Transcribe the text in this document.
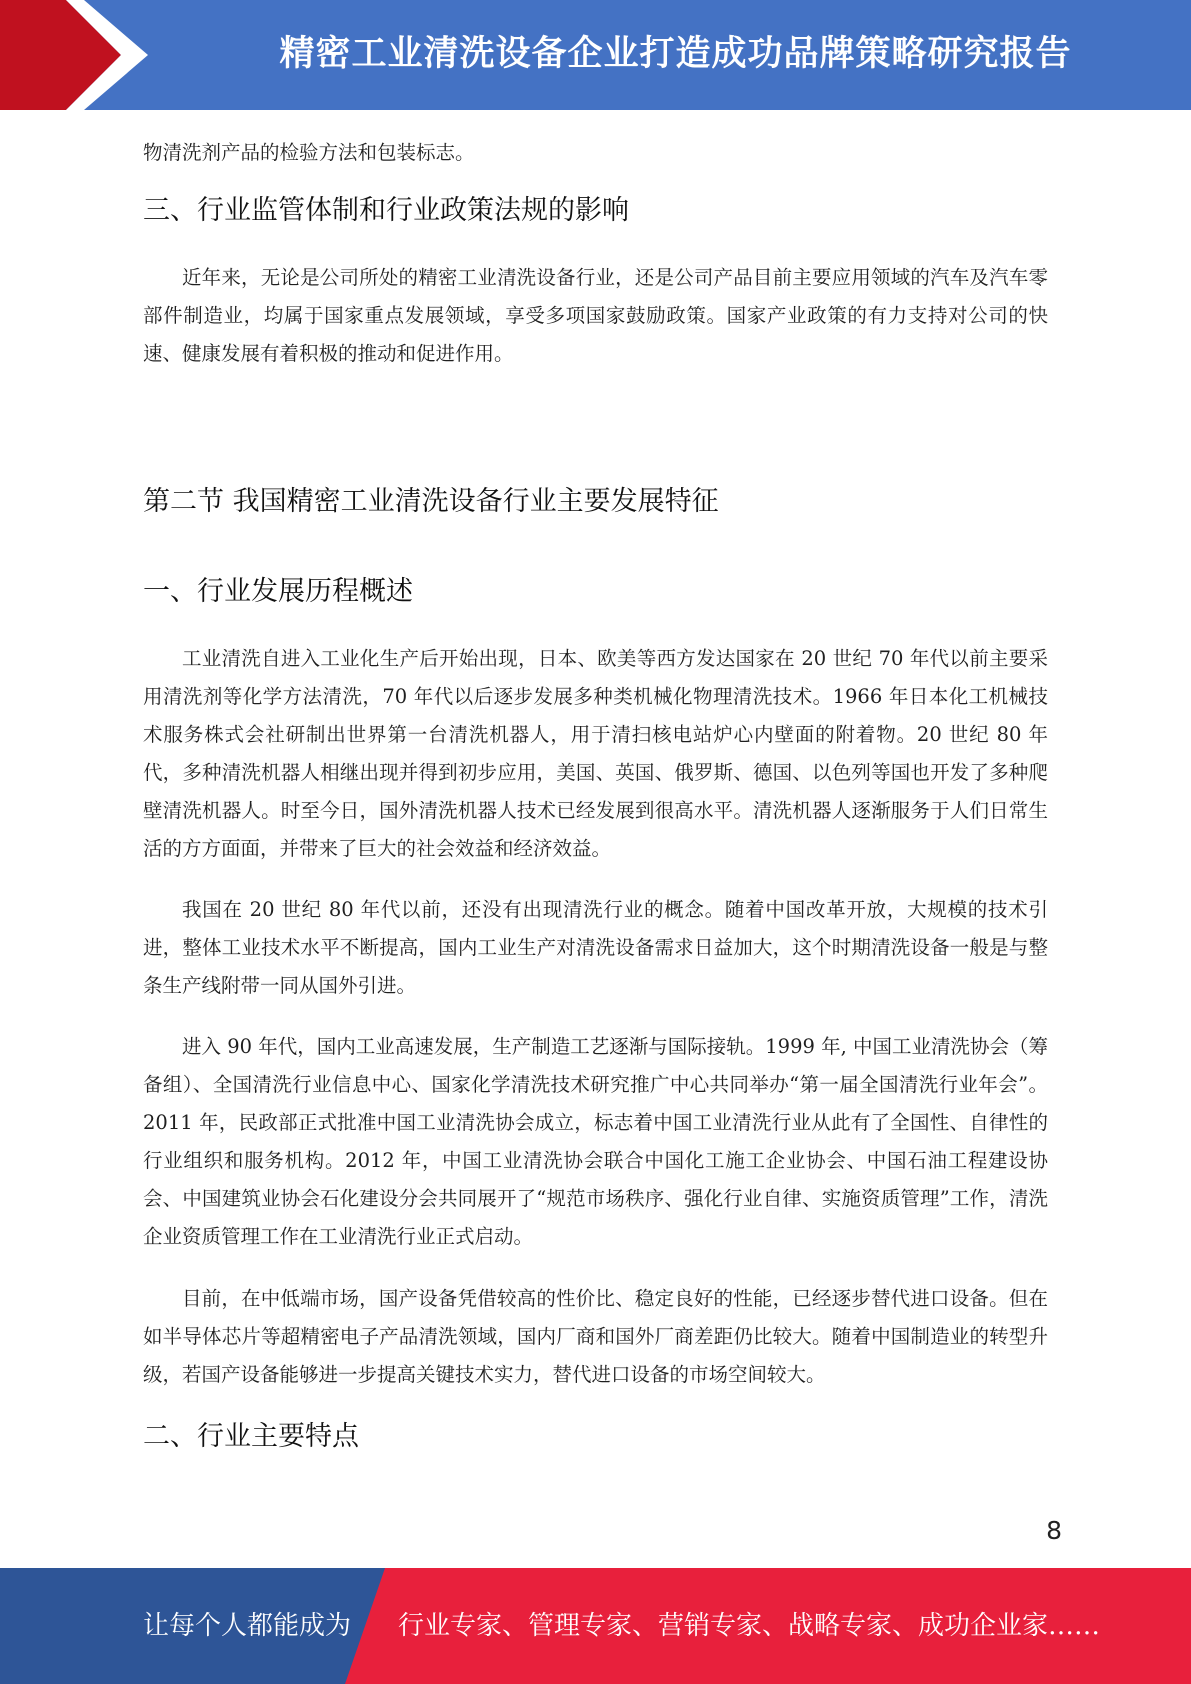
精密工业清洗设备企业打造成功品牌策略研究报告

物清洗剂产品的检验方法和包装标志。

三、行业监管体制和行业政策法规的影响

近年来，无论是公司所处的精密工业清洗设备行业，还是公司产品目前主要应用领域的汽车及汽车零部件制造业，均属于国家重点发展领域，享受多项国家鼓励政策。国家产业政策的有力支持对公司的快速、健康发展有着积极的推动和促进作用。

第二节 我国精密工业清洗设备行业主要发展特征
一、行业发展历程概述

工业清洗自进入工业化生产后开始出现，日本、欧美等西方发达国家在 20 世纪 70 年代以前主要采用清洗剂等化学方法清洗，70 年代以后逐步发展多种类机械化物理清洗技术。1966 年日本化工机械技术服务株式会社研制出世界第一台清洗机器人，用于清扫核电站炉心内壁面的附着物。20 世纪 80 年代，多种清洗机器人相继出现并得到初步应用，美国、英国、俄罗斯、德国、以色列等国也开发了多种爬壁清洗机器人。时至今日，国外清洗机器人技术已经发展到很高水平。清洗机器人逐渐服务于人们日常生活的方方面面，并带来了巨大的社会效益和经济效益。

我国在 20 世纪 80 年代以前，还没有出现清洗行业的概念。随着中国改革开放，大规模的技术引进，整体工业技术水平不断提高，国内工业生产对清洗设备需求日益加大，这个时期清洗设备一般是与整条生产线附带一同从国外引进。

进入 90 年代，国内工业高速发展，生产制造工艺逐渐与国际接轨。1999 年, 中国工业清洗协会（筹备组）、全国清洗行业信息中心、国家化学清洗技术研究推广中心共同举办“第一届全国清洗行业年会”。2011 年，民政部正式批准中国工业清洗协会成立，标志着中国工业清洗行业从此有了全国性、自律性的行业组织和服务机构。2012 年，中国工业清洗协会联合中国化工施工企业协会、中国石油工程建设协会、中国建筑业协会石化建设分会共同展开了“规范市场秩序、强化行业自律、实施资质管理”工作，清洗企业资质管理工作在工业清洗行业正式启动。

目前，在中低端市场，国产设备凭借较高的性价比、稳定良好的性能，已经逐步替代进口设备。但在如半导体芯片等超精密电子产品清洗领域，国内厂商和国外厂商差距仍比较大。随着中国制造业的转型升级，若国产设备能够进一步提高关键技术实力，替代进口设备的市场空间较大。

二、行业主要特点
8
让每个人都能成为 行业专家、管理专家、营销专家、战略专家、成功企业家……
